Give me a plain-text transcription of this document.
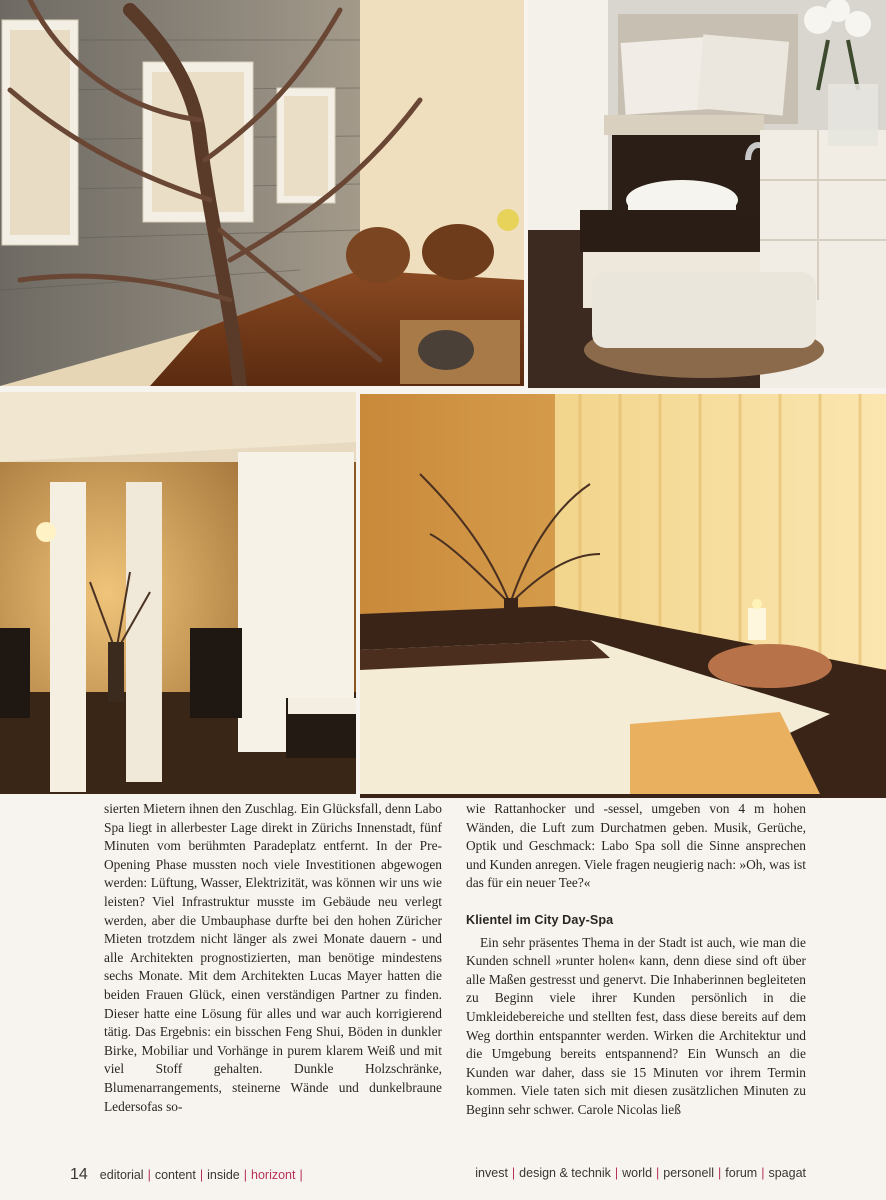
sierten Mietern ihnen den Zuschlag. Ein Glücksfall, denn Labo Spa liegt in allerbester Lage direkt in Zürichs Innenstadt, fünf Minuten vom berühmten Paradeplatz entfernt. In der Pre-Opening Phase mussten noch viele Investitionen abgewogen werden: Lüftung, Wasser, Elektrizität, was können wir uns wie leisten? Viel Infrastruktur musste im Gebäude neu verlegt werden, aber die Umbauphase durfte bei den hohen Züricher Mieten trotzdem nicht länger als zwei Monate dauern - und alle Architekten prognostizierten, man benötige mindestens sechs Monate. Mit dem Architekten Lucas Mayer hatten die beiden Frauen Glück, einen verständigen Partner zu finden. Dieser hatte eine Lösung für alles und war auch korrigierend tätig. Das Ergebnis: ein bisschen Feng Shui, Böden in dunkler Birke, Mobiliar und Vorhänge in purem klarem Weiß und mit viel Stoff gehalten. Dunkle Holzschränke, Blumenarrangements, steinerne Wände und dunkelbraune Ledersofas so-

wie Rattanhocker und -sessel, umgeben von 4 m hohen Wänden, die Luft zum Durchatmen geben. Musik, Gerüche, Optik und Geschmack: Labo Spa soll die Sinne ansprechen und Kunden anregen. Viele fragen neugierig nach: »Oh, was ist das für ein neuer Tee?«

Klientel im City Day-Spa

Ein sehr präsentes Thema in der Stadt ist auch, wie man die Kunden schnell »runter holen« kann, denn diese sind oft über alle Maßen gestresst und genervt. Die Inhaberinnen begleiteten zu Beginn viele ihrer Kunden persönlich in die Umkleidebereiche und stellten fest, dass diese bereits auf dem Weg dorthin entspannter werden. Wirken die Architektur und die Umgebung bereits entspannend? Ein Wunsch an die Kunden war daher, dass sie 15 Minuten vor ihrem Termin kommen. Viele taten sich mit diesen zusätzlichen Minuten zu Beginn sehr schwer. Carole Nicolas ließ

14 editorial | content | inside | horizont |	invest | design & technik | world | personell | forum | spagat
